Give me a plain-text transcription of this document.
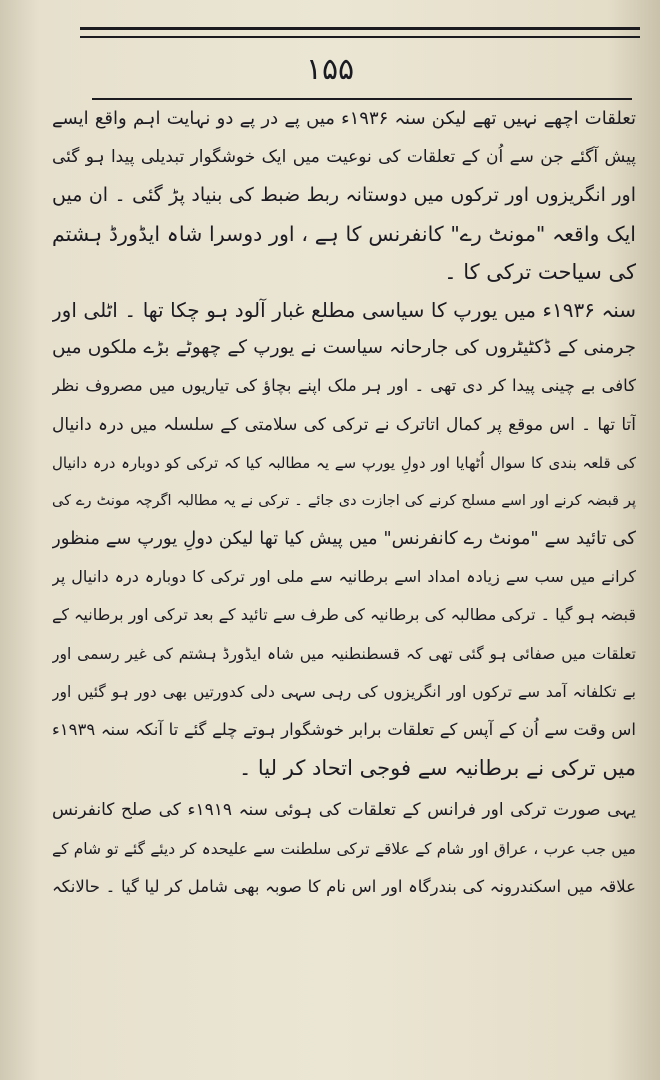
۱۵۵
تعلقات اچھے نہیں تھے لیکن سنہ ۱۹۳۶ء میں پے در پے دو نہایت اہم واقع ایسے
پیش آگئے جن سے اُن کے تعلقات کی نوعیت میں ایک خوشگوار تبدیلی پیدا ہو گئی
اور انگریزوں اور ترکوں میں دوستانہ ربط ضبط کی بنیاد پڑ گئی ۔ ان میں
ایک واقعہ "مونٹ رے" کانفرنس کا ہے ، اور دوسرا شاہ ایڈورڈ ہشتم
کی سیاحت ترکی کا ۔
سنہ ۱۹۳۶ء میں یورپ کا سیاسی مطلع غبار آلود ہو چکا تھا ۔ اٹلی اور
جرمنی کے ڈکٹیٹروں کی جارحانہ سیاست نے یورپ کے چھوٹے بڑے ملکوں میں
کافی بے چینی پیدا کر دی تھی ۔ اور ہر ملک اپنے بچاؤ کی تیاریوں میں مصروف نظر
آتا تھا ۔ اس موقع پر کمال اتاترک نے ترکی کی سلامتی کے سلسلہ میں درہ دانیال
کی قلعہ بندی کا سوال اُٹھایا اور دولِ یورپ سے یہ مطالبہ کیا کہ ترکی کو دوبارہ درہ دانیال
پر قبضہ کرنے اور اسے مسلح کرنے کی اجازت دی جائے ۔ ترکی نے یہ مطالبہ اگرچہ مونٹ رے کی
کی تائید سے "مونٹ رے کانفرنس" میں پیش کیا تھا لیکن دولِ یورپ سے منظور
کرانے میں سب سے زیادہ امداد اسے برطانیہ سے ملی اور ترکی کا دوبارہ درہ دانیال پر
قبضہ ہو گیا ۔ ترکی مطالبہ کی برطانیہ کی طرف سے تائید کے بعد ترکی اور برطانیہ کے
تعلقات میں صفائی ہو گئی تھی کہ قسطنطنیہ میں شاہ ایڈورڈ ہشتم کی غیر رسمی اور
بے تکلفانہ آمد سے ترکوں اور انگریزوں کی رہی سہی دلی کدورتیں بھی دور ہو گئیں اور
اس وقت سے اُن کے آپس کے تعلقات برابر خوشگوار ہوتے چلے گئے تا آنکہ سنہ ۱۹۳۹ء
میں ترکی نے برطانیہ سے فوجی اتحاد کر لیا ۔
یہی صورت ترکی اور فرانس کے تعلقات کی ہوئی سنہ ۱۹۱۹ء کی صلح کانفرنس
میں جب عرب ، عراق اور شام کے علاقے ترکی سلطنت سے علیحدہ کر دیئے گئے تو شام کے
علاقہ میں اسکندرونہ کی بندرگاہ اور اس نام کا صوبہ بھی شامل کر لیا گیا ۔ حالانکہ
